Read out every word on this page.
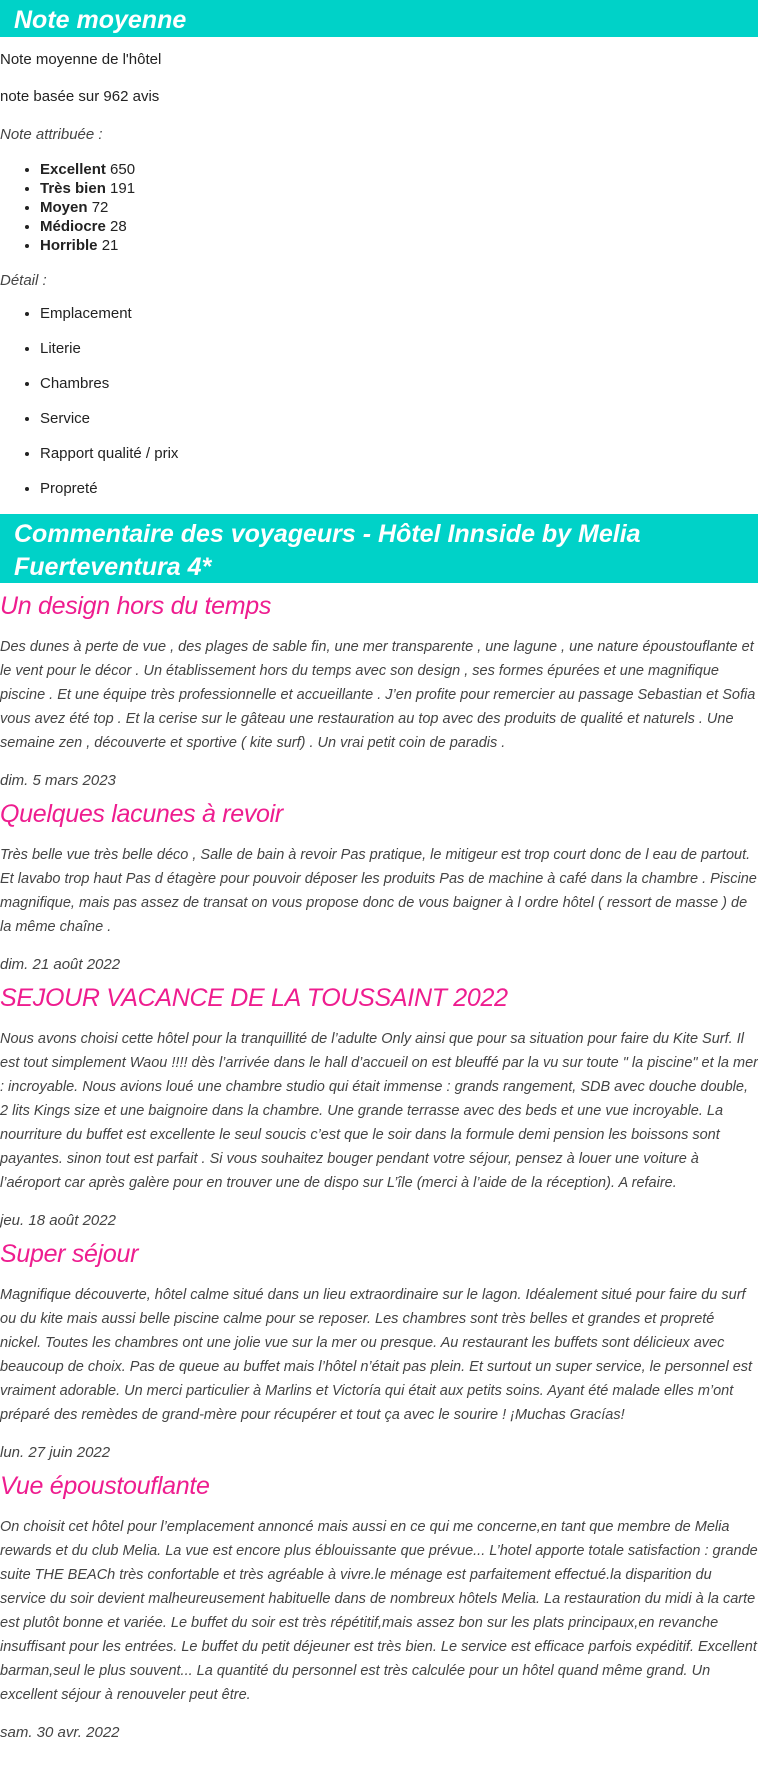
Note moyenne

Note moyenne de l'hôtel

note basée sur 962 avis

Note attribuée :

• Excellent 650
• Très bien 191
• Moyen 72
• Médiocre 28
• Horrible 21

Détail :

• Emplacement
• Literie
• Chambres
• Service
• Rapport qualité / prix
• Propreté
Commentaire des voyageurs - Hôtel Innside by Melia Fuerteventura 4*
Un design hors du temps

Des dunes à perte de vue , des plages de sable fin, une mer transparente , une lagune , une nature époustouflante et le vent pour le décor . Un établissement hors du temps avec son design , ses formes épurées et une magnifique piscine . Et une équipe très professionnelle et accueillante . J’en profite pour remercier au passage Sebastian et Sofia vous avez été top . Et la cerise sur le gâteau une restauration au top avec des produits de qualité et naturels . Une semaine zen , découverte et sportive ( kite surf) . Un vrai petit coin de paradis .

dim. 5 mars 2023

Quelques lacunes à revoir

Très belle vue très belle déco , Salle de bain à revoir Pas pratique, le mitigeur est trop court donc de l eau de partout. Et lavabo trop haut Pas d étagère pour pouvoir déposer les produits Pas de machine à café dans la chambre . Piscine magnifique, mais pas assez de transat on vous propose donc de vous baigner à l ordre hôtel ( ressort de masse ) de la même chaîne .

dim. 21 août 2022

SEJOUR VACANCE DE LA TOUSSAINT 2022

Nous avons choisi cette hôtel pour la tranquillité de l’adulte Only ainsi que pour sa situation pour faire du Kite Surf. Il est tout simplement Waou !!!! dès l’arrivée dans le hall d’accueil on est bleuffé par la vu sur toute " la piscine" et la mer : incroyable. Nous avions loué une chambre studio qui était immense : grands rangement, SDB avec douche double, 2 lits Kings size et une baignoire dans la chambre. Une grande terrasse avec des beds et une vue incroyable. La nourriture du buffet est excellente le seul soucis c’est que le soir dans la formule demi pension les boissons sont payantes. sinon tout est parfait . Si vous souhaitez bouger pendant votre séjour, pensez à louer une voiture à l’aéroport car après galère pour en trouver une de dispo sur L’île (merci à l’aide de la réception). A refaire.

jeu. 18 août 2022

Super séjour

Magnifique découverte, hôtel calme situé dans un lieu extraordinaire sur le lagon. Idéalement situé pour faire du surf ou du kite mais aussi belle piscine calme pour se reposer. Les chambres sont très belles et grandes et propreté nickel. Toutes les chambres ont une jolie vue sur la mer ou presque. Au restaurant les buffets sont délicieux avec beaucoup de choix. Pas de queue au buffet mais l’hôtel n’était pas plein. Et surtout un super service, le personnel est vraiment adorable. Un merci particulier à Marlins et Victoría qui était aux petits soins. Ayant été malade elles m’ont préparé des remèdes de grand-mère pour récupérer et tout ça avec le sourire ! ¡Muchas Gracías!

lun. 27 juin 2022

Vue époustouflante

On choisit cet hôtel pour l’emplacement annoncé mais aussi en ce qui me concerne,en tant que membre de Melia rewards et du club Melia. La vue est encore plus éblouissante que prévue... L’hotel apporte totale satisfaction : grande suite THE BEACh très confortable et très agréable à vivre.le ménage est parfaitement effectué.la disparition du service du soir devient malheureusement habituelle dans de nombreux hôtels Melia. La restauration du midi à la carte est plutôt bonne et variée. Le buffet du soir est très répétitif,mais assez bon sur les plats principaux,en revanche insuffisant pour les entrées. Le buffet du petit déjeuner est très bien. Le service est efficace parfois expéditif. Excellent barman,seul le plus souvent... La quantité du personnel est très calculée pour un hôtel quand même grand. Un excellent séjour à renouveler peut être.

sam. 30 avr. 2022
